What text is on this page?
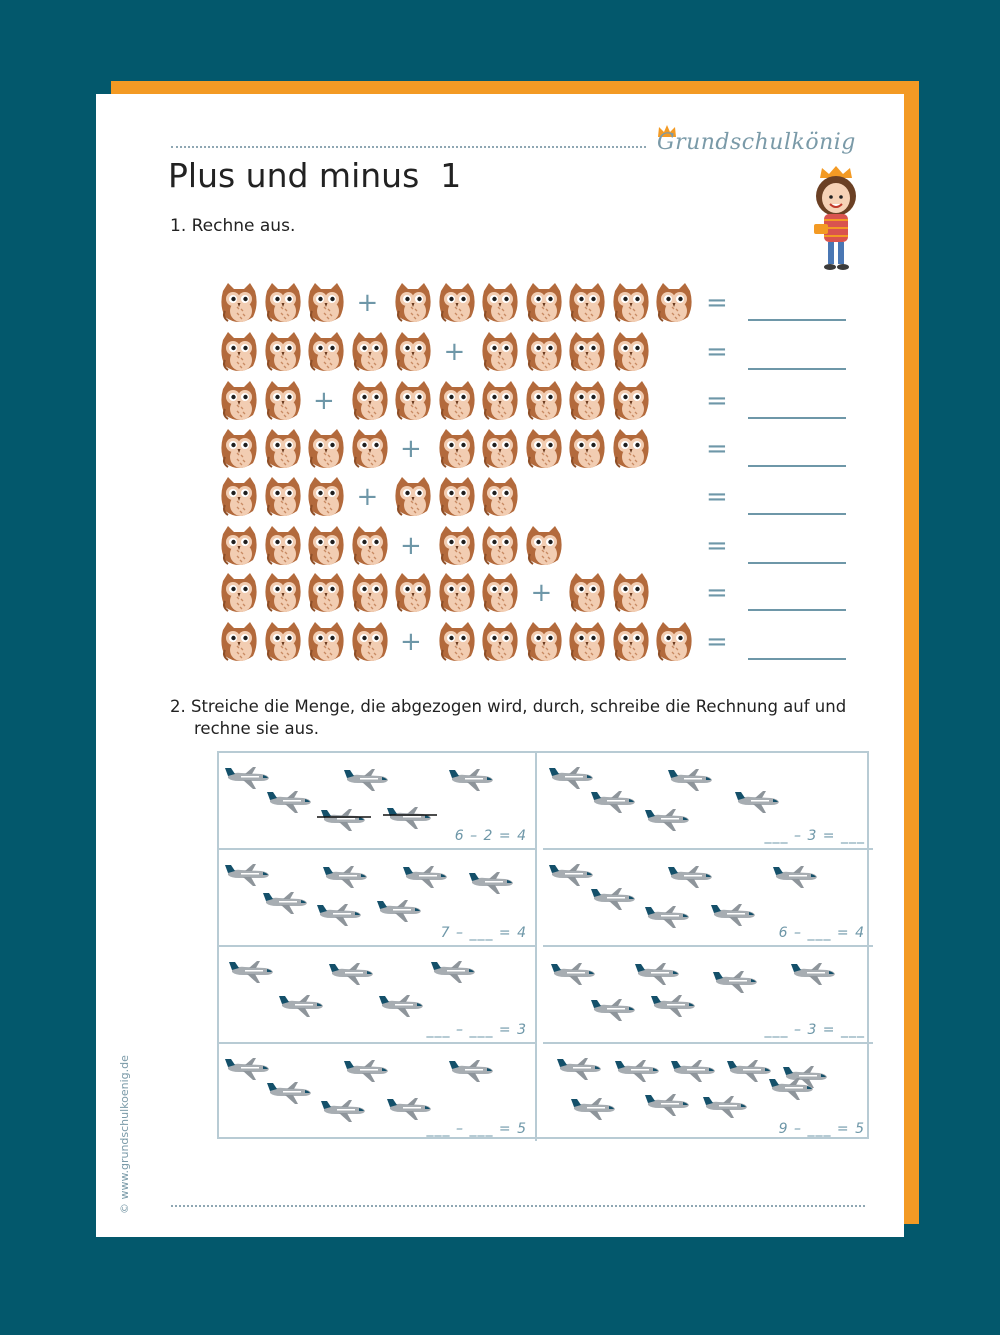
Grundschulkönig
Plus und minus  1
1. Rechne aus.
+	=
+	=
+	=
+	=
+	=
+	=
+	=
+	=
2. Streiche die Menge, die abgezogen wird, durch, schreibe die Rechnung auf und
rechne sie aus.
6 – 2 = 4	___ – 3 = ___
7 – ___ = 4	6 – ___ = 4
___ – ___ = 3	___ – 3 = ___
___ – ___ = 5	9 – ___ = 5
© www.grundschulkoenig.de
